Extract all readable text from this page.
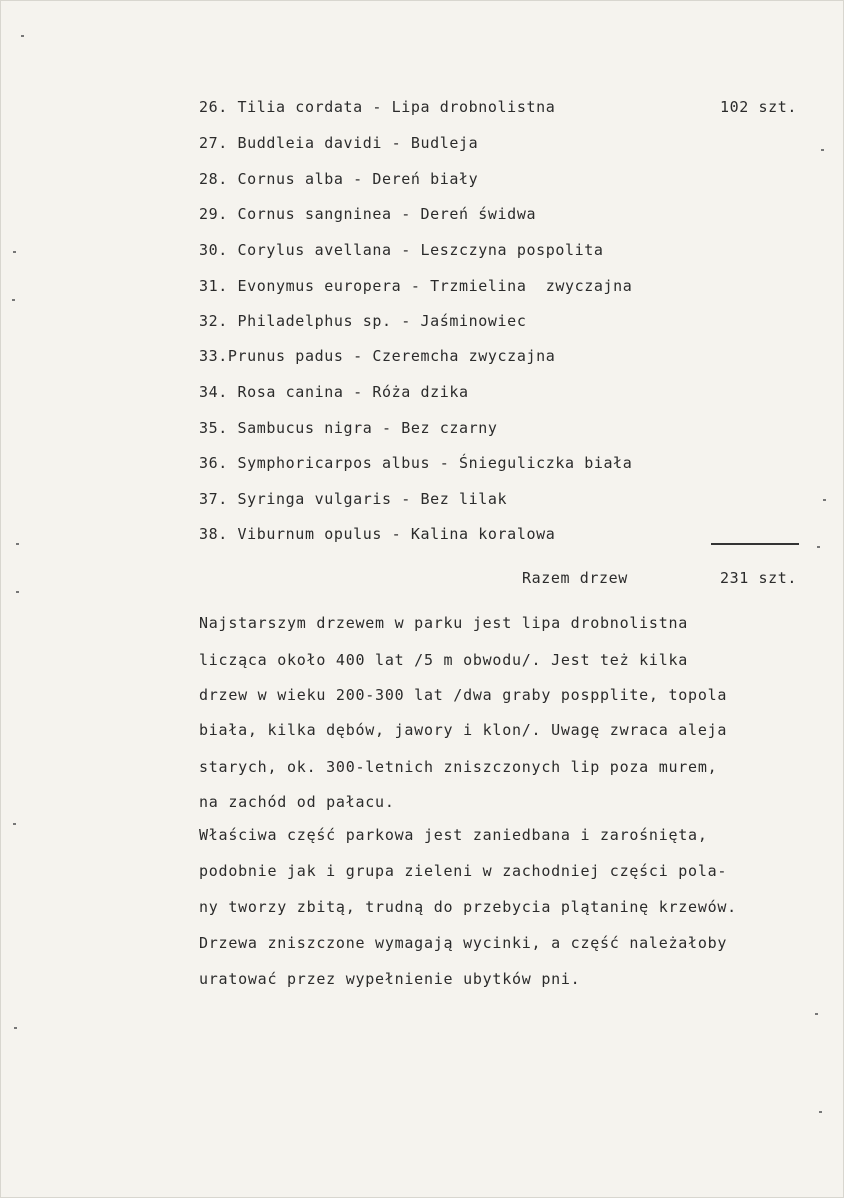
26. Tilia cordata - Lipa drobnolistna	102 szt.
27. Buddleia davidi - Budleja
28. Cornus alba - Dereń biały
29. Cornus sangninea - Dereń świdwa
30. Corylus avellana - Leszczyna pospolita
31. Evonymus europera - Trzmielina  zwyczajna
32. Philadelphus sp. - Jaśminowiec
33.Prunus padus - Czeremcha zwyczajna
34. Rosa canina - Róża dzika
35. Sambucus nigra - Bez czarny
36. Symphoricarpos albus - Śnieguliczka biała
37. Syringa vulgaris - Bez lilak
38. Viburnum opulus - Kalina koralowa
Razem drzew	231 szt.
Najstarszym drzewem w parku jest lipa drobnolistna
licząca około 400 lat /5 m obwodu/. Jest też kilka
drzew w wieku 200-300 lat /dwa graby pospplite, topola
biała, kilka dębów, jawory i klon/. Uwagę zwraca aleja
starych, ok. 300-letnich zniszczonych lip poza murem,
na zachód od pałacu.
Właściwa część parkowa jest zaniedbana i zarośnięta,
podobnie jak i grupa zieleni w zachodniej części pola-
ny tworzy zbitą, trudną do przebycia plątaninę krzewów.
Drzewa zniszczone wymagają wycinki, a część należałoby
uratować przez wypełnienie ubytków pni.
